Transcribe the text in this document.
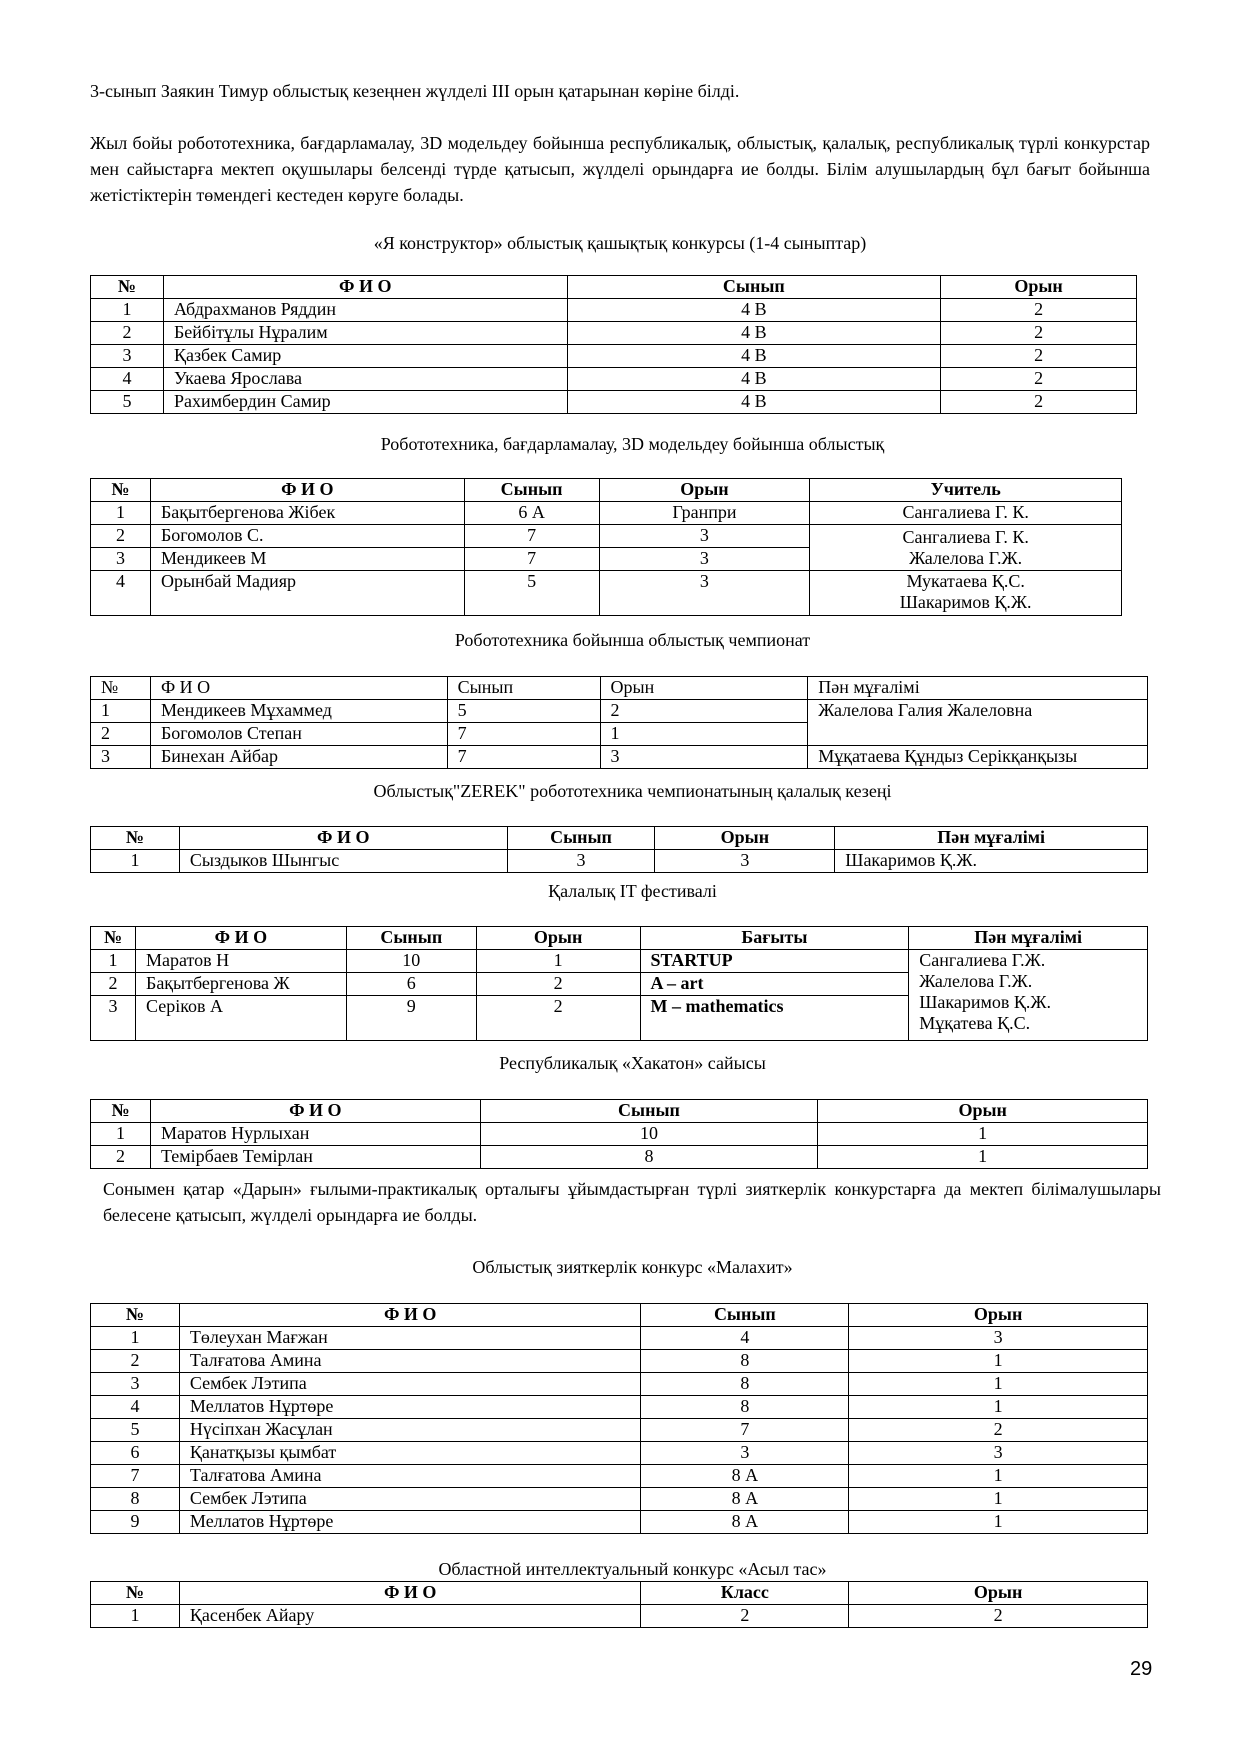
3-сынып Заякин Тимур облыстық кезеңнен жүлделі ІІІ орын қатарынан көріне білді.
Жыл бойы робототехника, бағдарламалау, 3D модельдеу бойынша республикалық, облыстық, қалалық, республикалық түрлі конкурстар мен сайыстарға мектеп оқушылары белсенді түрде қатысып, жүлделі орындарға ие болды. Білім алушылардың бұл бағыт бойынша жетістіктерін төмендегі кестеден көруге болады.
«Я конструктор» облыстық қашықтық конкурсы (1-4 сыныптар)
№	Ф И О	Сынып	Орын
1	Абдрахманов Ряддин	4 В	2
2	Бейбітұлы Нұралим	4 В	2
3	Қазбек Самир	4 В	2
4	Укаева Ярослава	4 В	2
5	Рахимбердин Самир	4 В	2
Робототехника, бағдарламалау, 3D модельдеу бойынша облыстық
№	Ф И О	Сынып	Орын	Учитель
1	Бақытбергенова Жібек	6 А	Гранпри	Сангалиева Г. К.
2	Богомолов С.	7	3	Сангалиева Г. К.
Жалелова Г.Ж.

3	Мендикеев М	7	3	
4	Орынбай Мадияр	5	3	Мукатаева Қ.С.
Шакаримов Қ.Ж.
Робототехника бойынша облыстық чемпионат
№	Ф И О	Сынып	Орын	Пән мұғалімі
1	Мендикеев Мұхаммед	5	2	Жалелова Галия Жалеловна
2	Богомолов Степан	7	1	
3	Бинехан Айбар	7	3	Мұқатаева Құндыз Серікқанқызы
Облыстық"ZEREK" робототехника чемпионатының қалалық кезеңі
№	Ф И О	Сынып	Орын	Пән мұғалімі
1	Сыздыков Шынгыс	3	3	Шакаримов Қ.Ж.
Қалалық IT фестивалі
№	Ф И О	Сынып	Орын	Бағыты	Пән мұғалімі
1	Маратов Н	10	1	STARTUP	Сангалиева Г.Ж.
Жалелова Г.Ж.
Шакаримов Қ.Ж.
Мұқатева Қ.С.

2	Бақытбергенова Ж	6	2	A – art	
3	Серіков А	9	2	M – mathematics	
Республикалық «Хакатон» сайысы
№	Ф И О	Сынып	Орын
1	Маратов Нурлыхан	10	1
2	Темірбаев Темірлан	8	1
Сонымен қатар «Дарын» ғылыми-практикалық орталығы ұйымдастырған түрлі зияткерлік конкурстарға да мектеп білімалушылары белесене қатысып, жүлделі орындарға ие болды.
Облыстық зияткерлік конкурс «Малахит»
№	Ф И О	Сынып	Орын
1	Төлеухан Мағжан	4	3
2	Талғатова Амина	8	1
3	Сембек Лэтипа	8	1
4	Меллатов Нұртөре	8	1
5	Нүсіпхан Жасұлан	7	2
6	Қанатқызы қымбат	3	3
7	Талғатова Амина	8 А	1
8	Сембек Лэтипа	8 А	1
9	Меллатов Нұртөре	8 А	1
Областной интеллектуальный конкурс «Асыл тас»
№	Ф И О	Класс	Орын
1	Қасенбек Айару	2	2
29
